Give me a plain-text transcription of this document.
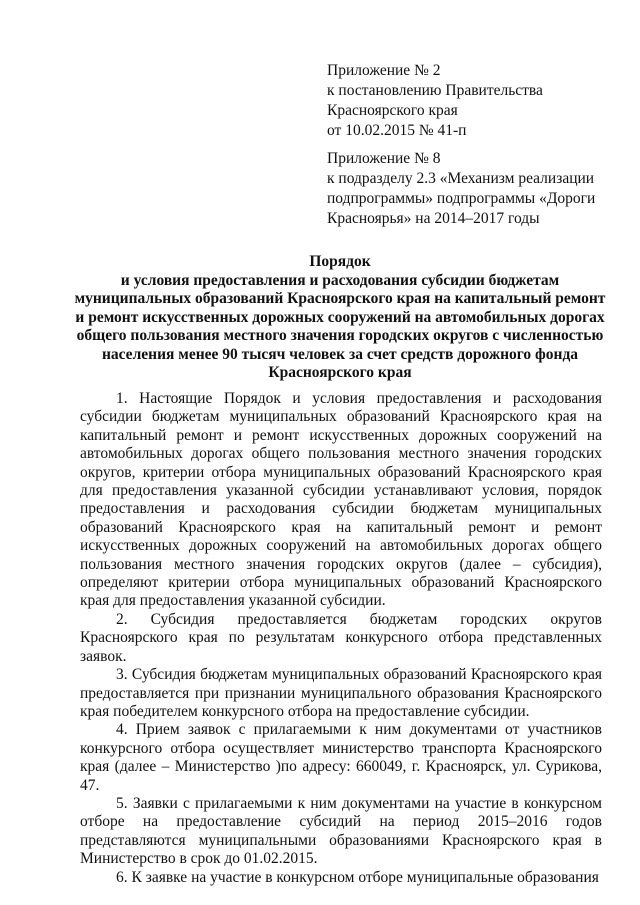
Приложение № 2
к постановлению Правительства
Красноярского края
от 10.02.2015 № 41-п
Приложение № 8
к подразделу 2.3 «Механизм реализации
подпрограммы» подпрограммы «Дороги
Красноярья» на 2014–2017 годы
Порядок
и условия предоставления и расходования субсидии бюджетам
муниципальных образований Красноярского края на капитальный ремонт
и ремонт искусственных дорожных сооружений на автомобильных дорогах
общего пользования местного значения городских округов с численностью
населения менее 90 тысяч человек за счет средств дорожного фонда
Красноярского края

1. Настоящие Порядок и условия предоставления и расходования субсидии бюджетам муниципальных образований Красноярского края на капитальный ремонт и ремонт искусственных дорожных сооружений на автомобильных дорогах общего пользования местного значения городских округов, критерии отбора муниципальных образований Красноярского края для предоставления указанной субсидии устанавливают условия, порядок предоставления и расходования субсидии бюджетам муниципальных образований Красноярского края на капитальный ремонт и ремонт искусственных дорожных сооружений на автомобильных дорогах общего пользования местного значения городских округов (далее – субсидия), определяют критерии отбора муниципальных образований Красноярского края для предоставления указанной субсидии.

2. Субсидия предоставляется бюджетам городских округов Красноярского края по результатам конкурсного отбора представленных заявок.

3. Субсидия бюджетам муниципальных образований Красноярского края предоставляется при признании муниципального образования Красноярского края победителем конкурсного отбора на предоставление субсидии.

4. Прием заявок с прилагаемыми к ним документами от участников конкурсного отбора осуществляет министерство транспорта Красноярского края (далее – Министерство )по адресу: 660049, г. Красноярск, ул. Сурикова, 47.

5. Заявки с прилагаемыми к ним документами на участие в конкурсном отборе на предоставление субсидий на период 2015–2016 годов представляются муниципальными образованиями Красноярского края в Министерство в срок до 01.02.2015.

6. К заявке на участие в конкурсном отборе муниципальные образования
